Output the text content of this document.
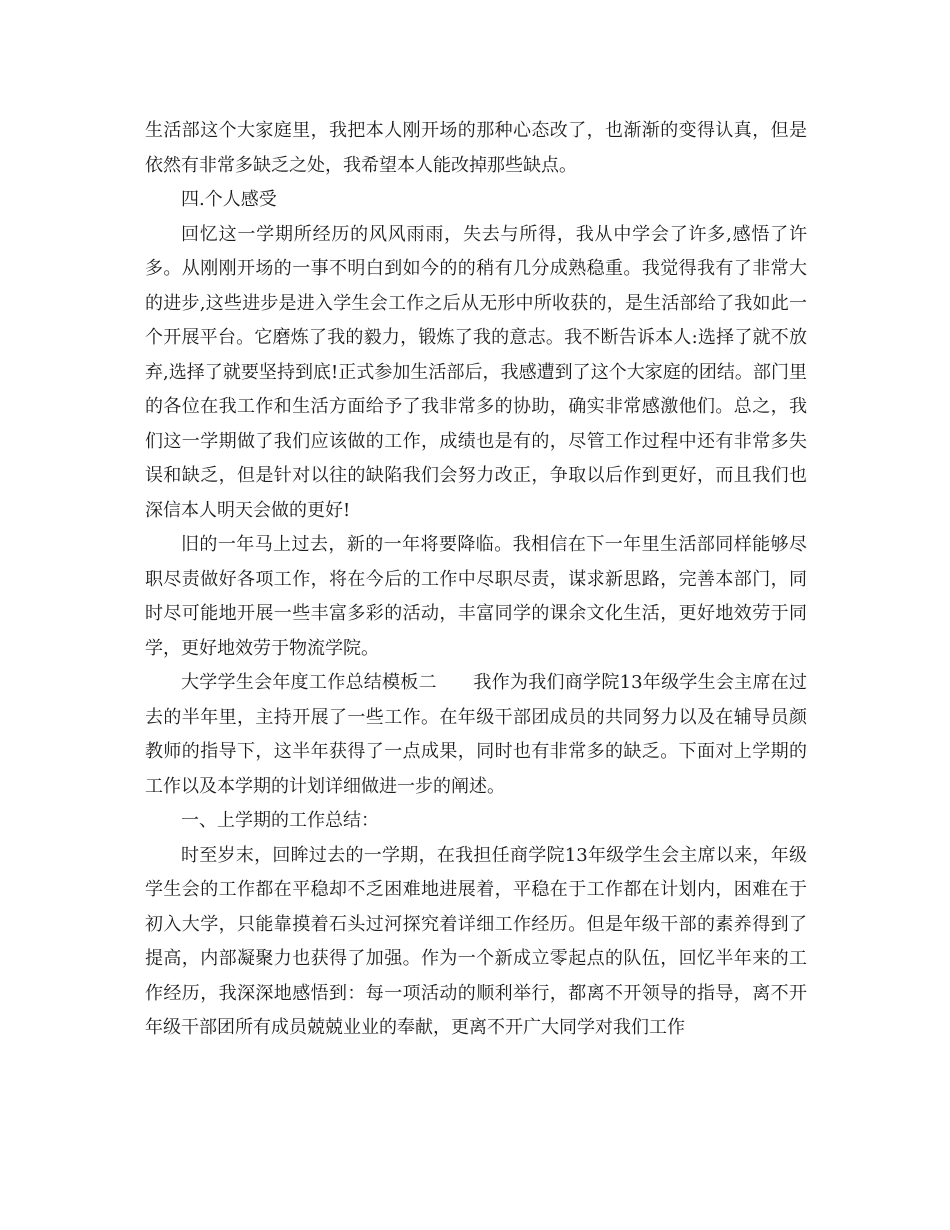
生活部这个大家庭里，我把本人刚开场的那种心态改了，也渐渐的变得认真，但是依然有非常多缺乏之处，我希望本人能改掉那些缺点。

四.个人感受

回忆这一学期所经历的风风雨雨，失去与所得，我从中学会了许多,感悟了许多。从刚刚开场的一事不明白到如今的的稍有几分成熟稳重。我觉得我有了非常大的进步,这些进步是进入学生会工作之后从无形中所收获的，是生活部给了我如此一个开展平台。它磨炼了我的毅力，锻炼了我的意志。我不断告诉本人:选择了就不放弃,选择了就要坚持到底!正式参加生活部后，我感遭到了这个大家庭的团结。部门里的各位在我工作和生活方面给予了我非常多的协助，确实非常感激他们。总之，我们这一学期做了我们应该做的工作，成绩也是有的，尽管工作过程中还有非常多失误和缺乏，但是针对以往的缺陷我们会努力改正，争取以后作到更好，而且我们也深信本人明天会做的更好!

旧的一年马上过去，新的一年将要降临。我相信在下一年里生活部同样能够尽职尽责做好各项工作，将在今后的工作中尽职尽责，谋求新思路，完善本部门，同时尽可能地开展一些丰富多彩的活动，丰富同学的课余文化生活，更好地效劳于同学，更好地效劳于物流学院。

大学学生会年度工作总结模板二　　我作为我们商学院13年级学生会主席在过去的半年里，主持开展了一些工作。在年级干部团成员的共同努力以及在辅导员颜教师的指导下，这半年获得了一点成果，同时也有非常多的缺乏。下面对上学期的工作以及本学期的计划详细做进一步的阐述。

一、上学期的工作总结：

时至岁末，回眸过去的一学期，在我担任商学院13年级学生会主席以来，年级学生会的工作都在平稳却不乏困难地进展着，平稳在于工作都在计划内，困难在于初入大学，只能靠摸着石头过河探究着详细工作经历。但是年级干部的素养得到了提高，内部凝聚力也获得了加强。作为一个新成立零起点的队伍，回忆半年来的工作经历，我深深地感悟到：每一项活动的顺利举行，都离不开领导的指导，离不开年级干部团所有成员兢兢业业的奉献，更离不开广大同学对我们工作
